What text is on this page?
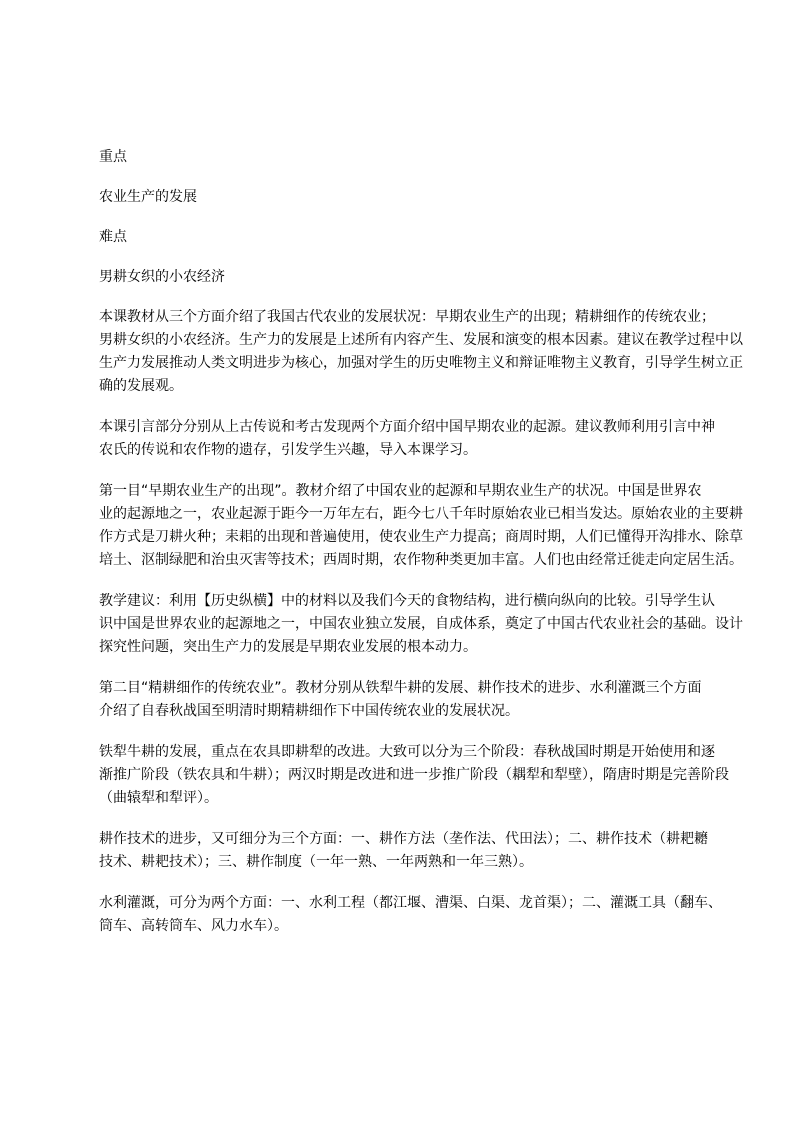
重点
农业生产的发展
难点
男耕女织的小农经济
本课教材从三个方面介绍了我国古代农业的发展状况：早期农业生产的出现；精耕细作的传统农业；
男耕女织的小农经济。生产力的发展是上述所有内容产生、发展和演变的根本因素。建议在教学过程中以
生产力发展推动人类文明进步为核心，加强对学生的历史唯物主义和辩证唯物主义教育，引导学生树立正
确的发展观。
本课引言部分分别从上古传说和考古发现两个方面介绍中国早期农业的起源。建议教师利用引言中神
农氏的传说和农作物的遗存，引发学生兴趣，导入本课学习。
第一目“早期农业生产的出现”。教材介绍了中国农业的起源和早期农业生产的状况。中国是世界农
业的起源地之一，农业起源于距今一万年左右，距今七八千年时原始农业已相当发达。原始农业的主要耕
作方式是刀耕火种；耒耜的出现和普遍使用，使农业生产力提高；商周时期，人们已懂得开沟排水、除草
培土、沤制绿肥和治虫灭害等技术；西周时期，农作物种类更加丰富。人们也由经常迁徙走向定居生活。
教学建议：利用【历史纵横】中的材料以及我们今天的食物结构，进行横向纵向的比较。引导学生认
识中国是世界农业的起源地之一，中国农业独立发展，自成体系，奠定了中国古代农业社会的基础。设计
探究性问题，突出生产力的发展是早期农业发展的根本动力。
第二目“精耕细作的传统农业”。教材分别从铁犁牛耕的发展、耕作技术的进步、水利灌溉三个方面
介绍了自春秋战国至明清时期精耕细作下中国传统农业的发展状况。
铁犁牛耕的发展，重点在农具即耕犁的改进。大致可以分为三个阶段：春秋战国时期是开始使用和逐
渐推广阶段（铁农具和牛耕）；两汉时期是改进和进一步推广阶段（耦犁和犁壁），隋唐时期是完善阶段
（曲辕犁和犁评）。
耕作技术的进步，又可细分为三个方面：一、耕作方法（垄作法、代田法）；二、耕作技术（耕耙耱
技术、耕耙技术）；三、耕作制度（一年一熟、一年两熟和一年三熟）。
水利灌溉，可分为两个方面：一、水利工程（都江堰、漕渠、白渠、龙首渠）；二、灌溉工具（翻车、
筒车、高转筒车、风力水车）。
